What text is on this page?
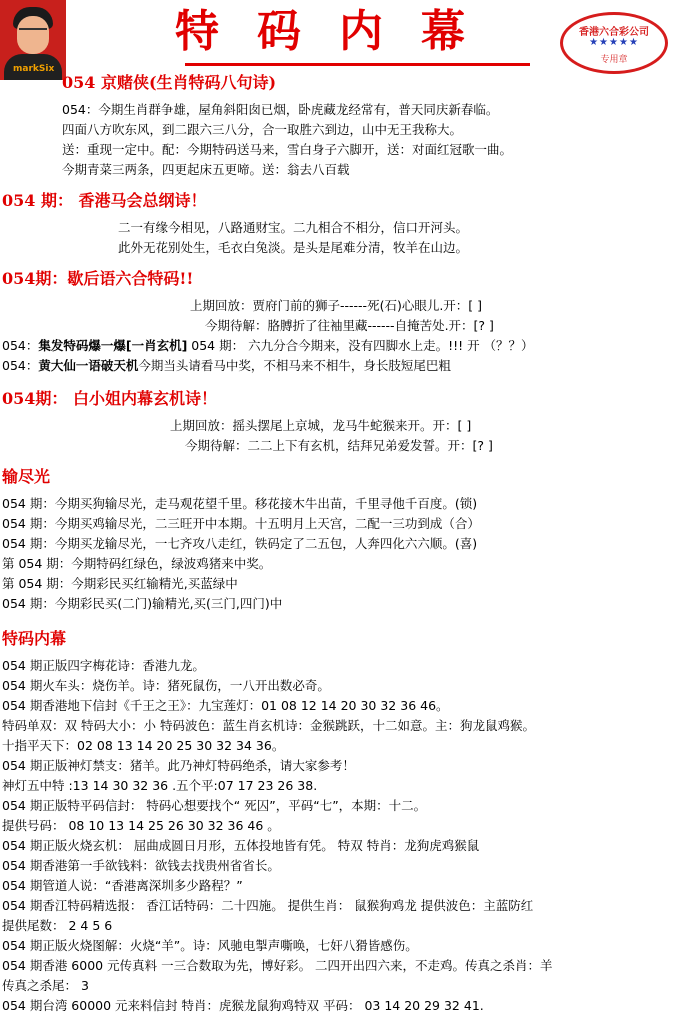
markSix
特码内幕	香港六合彩公司
★★★★★
专用章
054 京赌侠(生肖特码八句诗)
054：今期生肖群争雄，屋角斜阳囱已烟，卧虎藏龙经常有，普天同庆新春临。
四面八方吹东风，到二跟六三八分，合一取胜六到边，山中无王我称大。
送：重现一定中。配：今期特码送马来，雪白身子六脚开，送：对面红冠歌一曲。
今期青菜三两条，四更起床五更啼。送：翁去八百载
054 期： 香港马会总纲诗！
二一有缘今相见，八路通财宝。二九相合不相分，信口开河头。
此外无花别处生，毛衣白兔淡。是头是尾难分清，牧羊在山边。
054期：歇后语六合特码!!
上期回放：贾府门前的狮子------死(石)心眼儿.开：[ ]
今期待解：胳膊折了往袖里藏------自掩苦处.开：[? ]
054：集发特码爆一爆[一肖玄机] 054 期： 六九分合今期来，没有四脚水上走。!!! 开 （？？）
054：黄大仙一语破天机今期当头请看马中奖，不相马来不相牛，身长肢短尾巴粗
054期： 白小姐内幕玄机诗！
上期回放：摇头摆尾上京城，龙马牛蛇猴来开。开：[ ]
今期待解：二二上下有玄机，结拜兄弟爱发誓。开：[? ]
输尽光
054 期：今期买狗输尽光，走马观花望千里。移花接木牛出苗，千里寻他千百度。(锁)
054 期：今期买鸡输尽光，二三旺开中本期。十五明月上天宫，二配一三功到成（合）
054 期：今期买龙输尽光，一七齐攻八走红，铁码定了二五包，人奔四化六六顺。(喜)
第 054 期：今期特码红绿色，绿波鸡猪来中奖。
第 054 期：今期彩民买红输精光,买蓝绿中
054 期：今期彩民买(二门)输精光,买(三门,四门)中
特码内幕
054 期正版四字梅花诗：香港九龙。
054 期火车头：烧伤羊。诗：猪死鼠伤，一八开出数必奇。
054 期香港地下信封《千王之王》：九宝莲灯：01 08 12 14 20 30 32 36 46。
特码单双：双 特码大小：小 特码波色：蓝生肖玄机诗：金猴跳跃，十二如意。主：狗龙鼠鸡猴。
十指平天下：02 08 13 14 20 25 30 32 34 36。
054 期正版神灯禁支：猪羊。此乃神灯特码绝杀，请大家参考！
神灯五中特 :13 14 30 32 36 .五个平:07 17 23 26 38.
054 期正版特平码信封： 特码心想要找个“ 死囚”，平码“七”，本期：十二。
提供号码： 08 10 13 14 25 26 30 32 36 46 。
054 期正版火烧玄机： 屈曲成圆日月形，五体投地皆有凭。 特双 特肖：龙狗虎鸡猴鼠
054 期香港第一手欲钱料：欲钱去找贵州省省长。
054 期管道人说：“香港离深圳多少路程？”
054 期香江特码精选报： 香江话特码：二十四施。 提供生肖： 鼠猴狗鸡龙 提供波色：主蓝防红
提供尾数： 2 4 5 6
054 期正版火烧图解：火烧“羊”。诗：风驰电掣声嘶唤，七奸八猾皆感伤。
054 期香港 6000 元传真料 一三合数取为先，博好彩。 二四开出四六来，不走鸡。传真之杀肖：羊
传真之杀尾： 3
054 期台湾 60000 元来料信封 特肖：虎猴龙鼠狗鸡特双 平码： 03 14 20 29 32 41.
